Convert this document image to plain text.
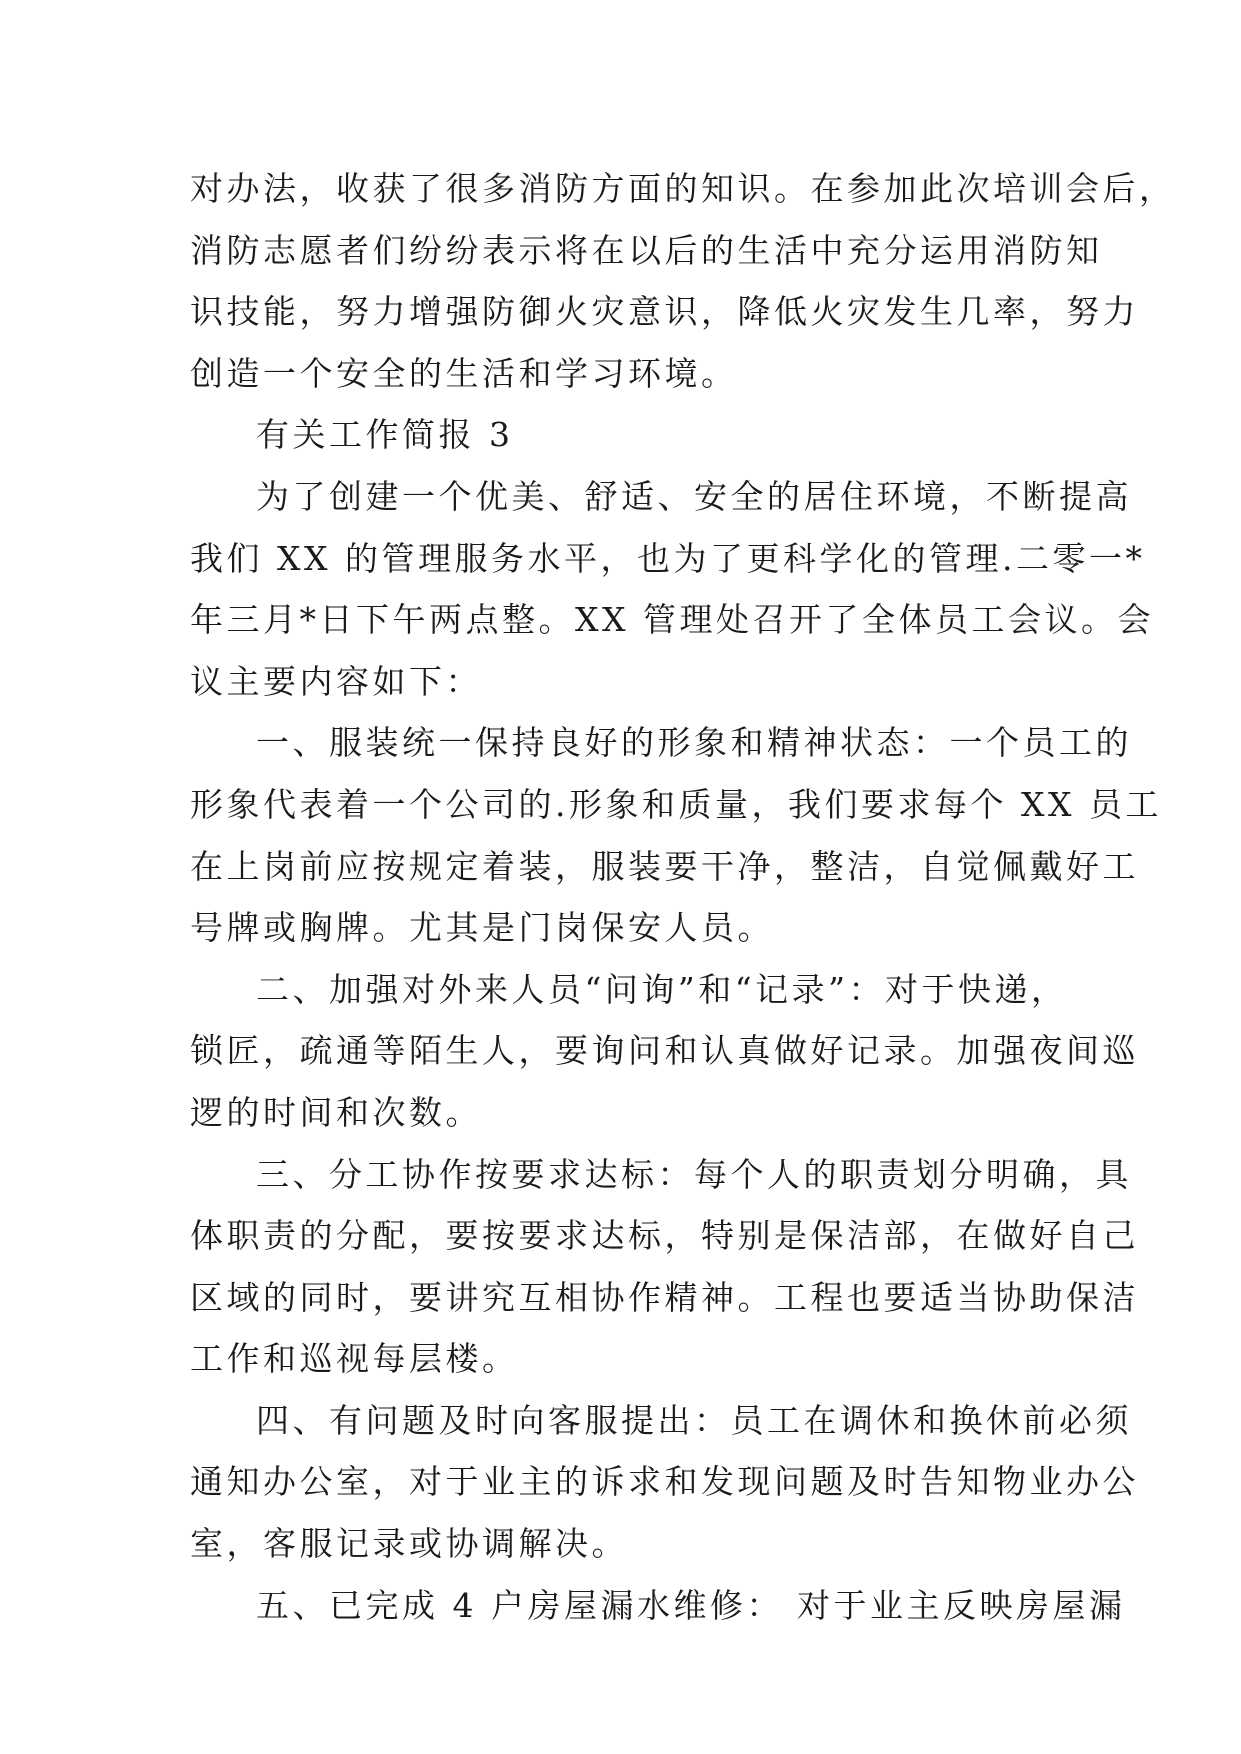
对办法，收获了很多消防方面的知识。在参加此次培训会后，
消防志愿者们纷纷表示将在以后的生活中充分运用消防知
识技能，努力增强防御火灾意识，降低火灾发生几率，努力
创造一个安全的生活和学习环境。
有关工作简报 3
为了创建一个优美、舒适、安全的居住环境，不断提高
我们 XX 的管理服务水平，也为了更科学化的管理.二零一*
年三月*日下午两点整。XX 管理处召开了全体员工会议。会
议主要内容如下：
一、服装统一保持良好的形象和精神状态：一个员工的
形象代表着一个公司的.形象和质量，我们要求每个 XX 员工
在上岗前应按规定着装，服装要干净，整洁，自觉佩戴好工
号牌或胸牌。尤其是门岗保安人员。
二、加强对外来人员“问询”和“记录”：对于快递，
锁匠，疏通等陌生人，要询问和认真做好记录。加强夜间巡
逻的时间和次数。
三、分工协作按要求达标：每个人的职责划分明确，具
体职责的分配，要按要求达标，特别是保洁部，在做好自己
区域的同时，要讲究互相协作精神。工程也要适当协助保洁
工作和巡视每层楼。
四、有问题及时向客服提出：员工在调休和换休前必须
通知办公室，对于业主的诉求和发现问题及时告知物业办公
室，客服记录或协调解决。
五、已完成 4 户房屋漏水维修： 对于业主反映房屋漏
